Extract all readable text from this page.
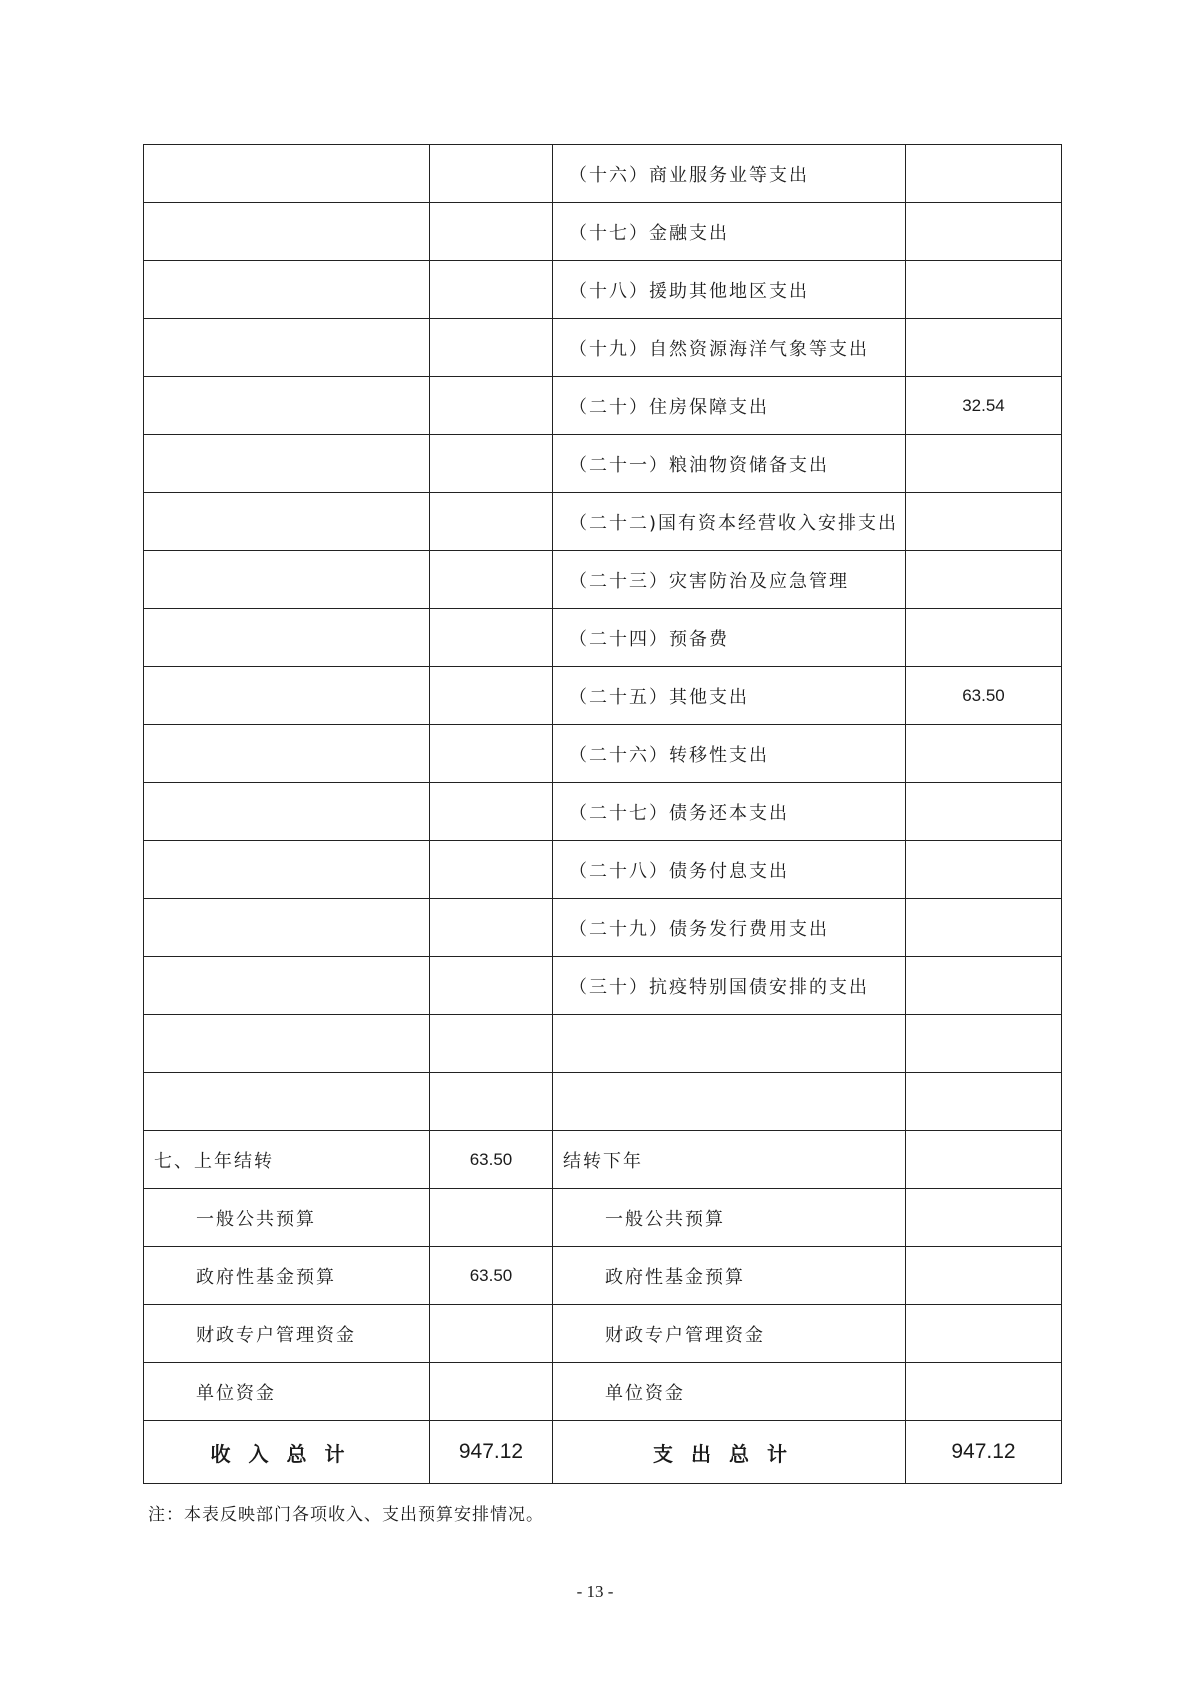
		（十六）商业服务业等支出	
		（十七）金融支出	
		（十八）援助其他地区支出	
		（十九）自然资源海洋气象等支出	
		（二十）住房保障支出	32.54
		（二十一）粮油物资储备支出	
		（二十二)国有资本经营收入安排支出	
		（二十三）灾害防治及应急管理	
		（二十四）预备费	
		（二十五）其他支出	63.50
		（二十六）转移性支出	
		（二十七）债务还本支出	
		（二十八）债务付息支出	
		（二十九）债务发行费用支出	
		（三十）抗疫特别国债安排的支出	

七、上年结转	63.50	结转下年	
一般公共预算		一般公共预算	
政府性基金预算	63.50	政府性基金预算	
财政专户管理资金		财政专户管理资金	
单位资金		单位资金	
收入总计	947.12	支出总计	947.12
注：本表反映部门各项收入、支出预算安排情况。
- 13 -
